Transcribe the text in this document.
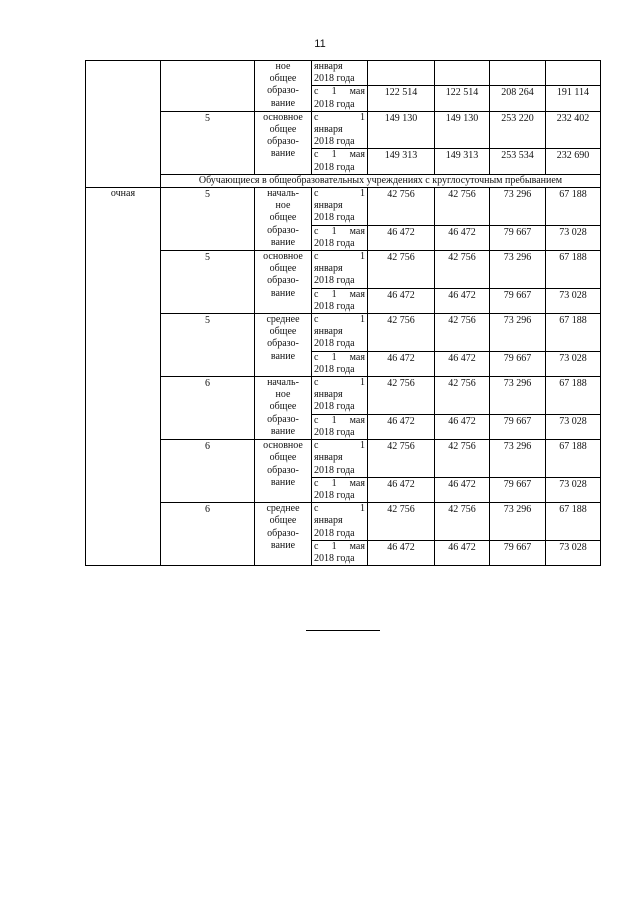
11
		ное
общее
образо-
вание	января
2018 года				

			с 1 мая
2018 года	122 514	122 514	208 264	191 114
	5	основное
общее
образо-
вание	с 1
января
2018 года	149 130	149 130	253 220	232 402

			с 1 мая
2018 года	149 313	149 313	253 534	232 690
	Обучающиеся в общеобразовательных учреждениях с круглосуточным пребыванием						
очная	5	началь-
ное
общее
образо-
вание	с 1
января
2018 года	42 756	42 756	73 296	67 188

			с 1 мая
2018 года	46 472	46 472	79 667	73 028
	5	основное
общее
образо-
вание	с 1
января
2018 года	42 756	42 756	73 296	67 188

			с 1 мая
2018 года	46 472	46 472	79 667	73 028
	5	среднее
общее
образо-
вание	с 1
января
2018 года	42 756	42 756	73 296	67 188

			с 1 мая
2018 года	46 472	46 472	79 667	73 028
	6	началь-
ное
общее
образо-
вание	с 1
января
2018 года	42 756	42 756	73 296	67 188

			с 1 мая
2018 года	46 472	46 472	79 667	73 028
	6	основное
общее
образо-
вание	с 1
января
2018 года	42 756	42 756	73 296	67 188

			с 1 мая
2018 года	46 472	46 472	79 667	73 028
	6	среднее
общее
образо-
вание	с 1
января
2018 года	42 756	42 756	73 296	67 188

			с 1 мая
2018 года	46 472	46 472	79 667	73 028
